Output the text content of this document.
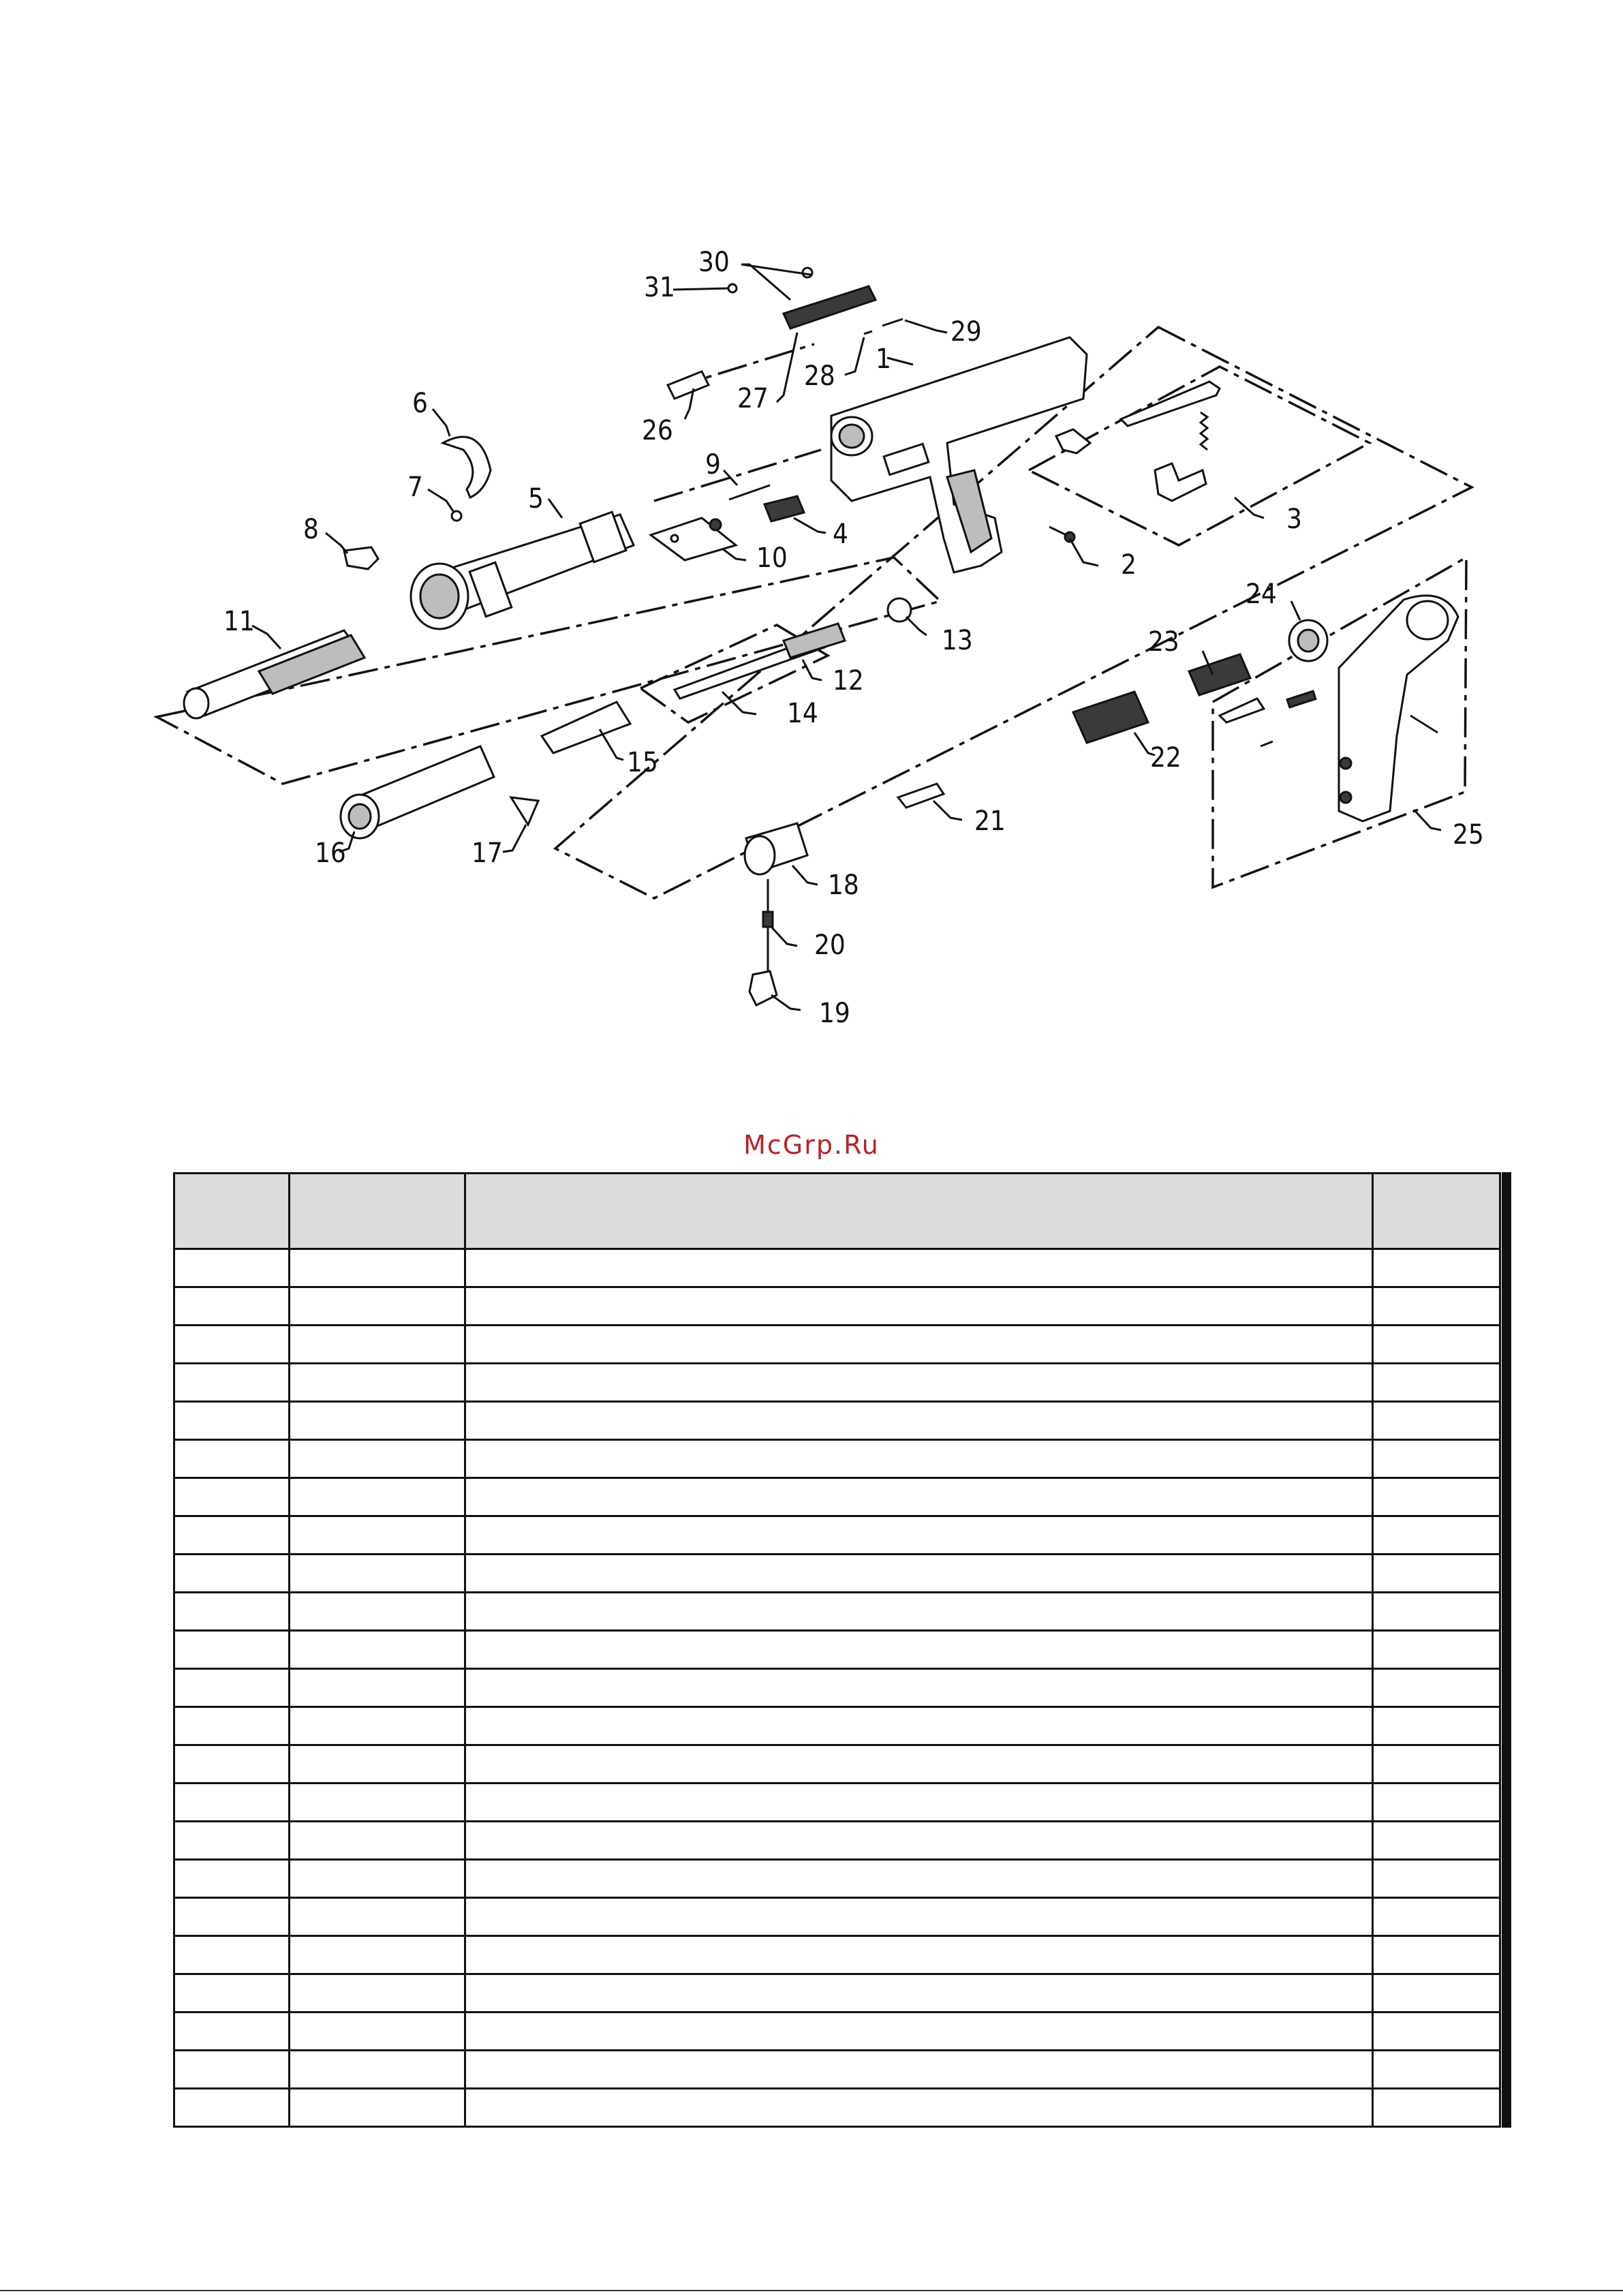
1
2
3
4
5
6
7
8
9
10
11
12
13
14
15
16	17
18
19
20
21
22
23
24
25
26
27
28
29
30
31
McGrp.Ru
